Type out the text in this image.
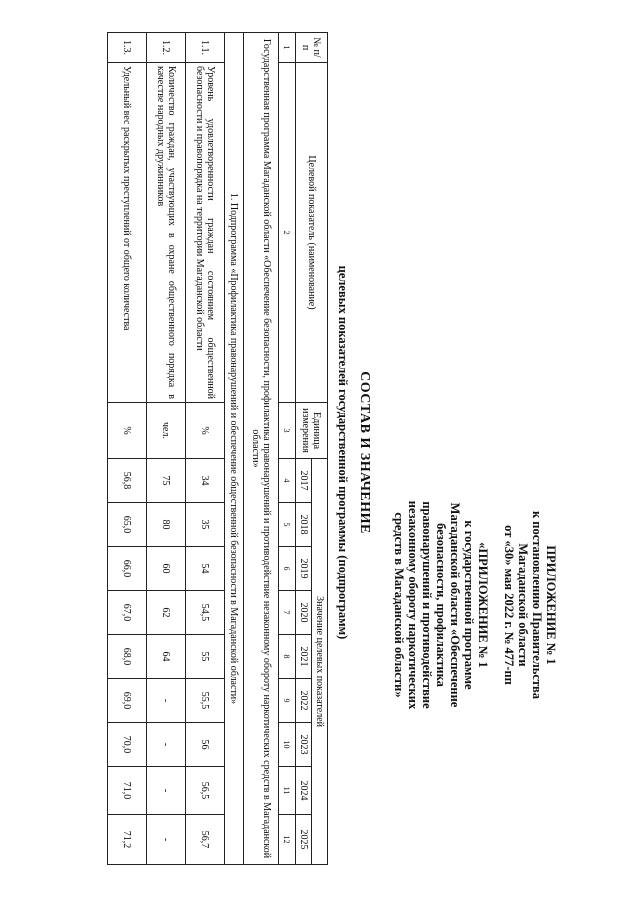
ПРИЛОЖЕНИЕ № 1
к постановлению Правительства
Магаданской области
от «30» мая 2022 г. № 477-пп
«ПРИЛОЖЕНИЕ № 1
к государственной программе
Магаданской области «Обеспечение
безопасности, профилактика
правонарушений и противодействие
незаконному обороту наркотических
средств в Магаданской области»
СОСТАВ И ЗНАЧЕНИЕ
целевых показателей государственной программы (подпрограмм)
№ п/п	Целевой показатель (наименование)	Единица измерения	Значение целевых показателей								
			2017	2018	2019	2020	2021	2022	2023	2024	2025
1	2	3	4	5	6	7	8	9	10	11	12
Государственная программа Магаданской области «Обеспечение безопасности, профилактика правонарушений и противодействие незаконному обороту наркотических средств в Магаданской области»											
1. Подпрограмма «Профилактика правонарушений и обеспечение общественной безопасности в Магаданской области»											
1.1.	Уровень удовлетворенности граждан состоянием общественной безопасности и правопорядка на территории Магаданской области	%	34	35	54	54,5	55	55,5	56	56,5	56,7
1.2.	Количество граждан, участвующих в охране общественного порядка в качестве народных дружинников	чел.	75	80	60	62	64	-	-	-	-
1.3.	Удельный вес раскрытых преступлений от общего количества	%	56,8	65,0	66,0	67,0	68,0	69,0	70,0	71,0	71,2
